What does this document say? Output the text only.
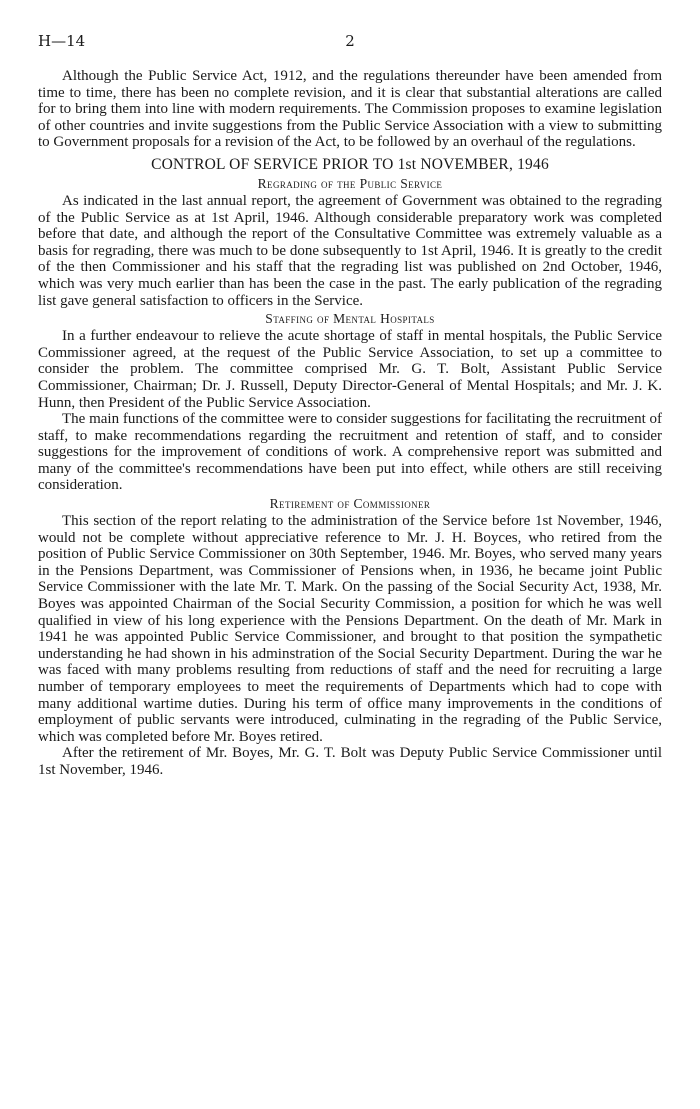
H—14	2

Although the Public Service Act, 1912, and the regulations thereunder have been amended from time to time, there has been no complete revision, and it is clear that substantial alterations are called for to bring them into line with modern requirements. The Commission proposes to examine legislation of other countries and invite suggestions from the Public Service Association with a view to submitting to Government proposals for a revision of the Act, to be followed by an overhaul of the regulations.

CONTROL OF SERVICE PRIOR TO 1st NOVEMBER, 1946
Regrading of the Public Service

As indicated in the last annual report, the agreement of Government was obtained to the regrading of the Public Service as at 1st April, 1946. Although considerable preparatory work was completed before that date, and although the report of the Consultative Committee was extremely valuable as a basis for regrading, there was much to be done subsequently to 1st April, 1946. It is greatly to the credit of the then Commissioner and his staff that the regrading list was published on 2nd October, 1946, which was very much earlier than has been the case in the past. The early publication of the regrading list gave general satisfaction to officers in the Service.

Staffing of Mental Hospitals

In a further endeavour to relieve the acute shortage of staff in mental hospitals, the Public Service Commissioner agreed, at the request of the Public Service Association, to set up a committee to consider the problem. The committee comprised Mr. G. T. Bolt, Assistant Public Service Commissioner, Chairman; Dr. J. Russell, Deputy Director-General of Mental Hospitals; and Mr. J. K. Hunn, then President of the Public Service Association.

The main functions of the committee were to consider suggestions for facilitating the recruitment of staff, to make recommendations regarding the recruitment and retention of staff, and to consider suggestions for the improvement of conditions of work. A comprehensive report was submitted and many of the committee's recommendations have been put into effect, while others are still receiving consideration.

Retirement of Commissioner

This section of the report relating to the administration of the Service before 1st November, 1946, would not be complete without appreciative reference to Mr. J. H. Boyces, who retired from the position of Public Service Commissioner on 30th September, 1946. Mr. Boyes, who served many years in the Pensions Department, was Commissioner of Pensions when, in 1936, he became joint Public Service Commissioner with the late Mr. T. Mark. On the passing of the Social Security Act, 1938, Mr. Boyes was appointed Chairman of the Social Security Commission, a position for which he was well qualified in view of his long experience with the Pensions Department. On the death of Mr. Mark in 1941 he was appointed Public Service Commissioner, and brought to that position the sympathetic understanding he had shown in his adminstration of the Social Security Department. During the war he was faced with many problems resulting from reductions of staff and the need for recruiting a large number of temporary employees to meet the requirements of Departments which had to cope with many additional wartime duties. During his term of office many improvements in the conditions of employment of public servants were introduced, culminating in the regrading of the Public Service, which was completed before Mr. Boyes retired.

After the retirement of Mr. Boyes, Mr. G. T. Bolt was Deputy Public Service Commissioner until 1st November, 1946.
